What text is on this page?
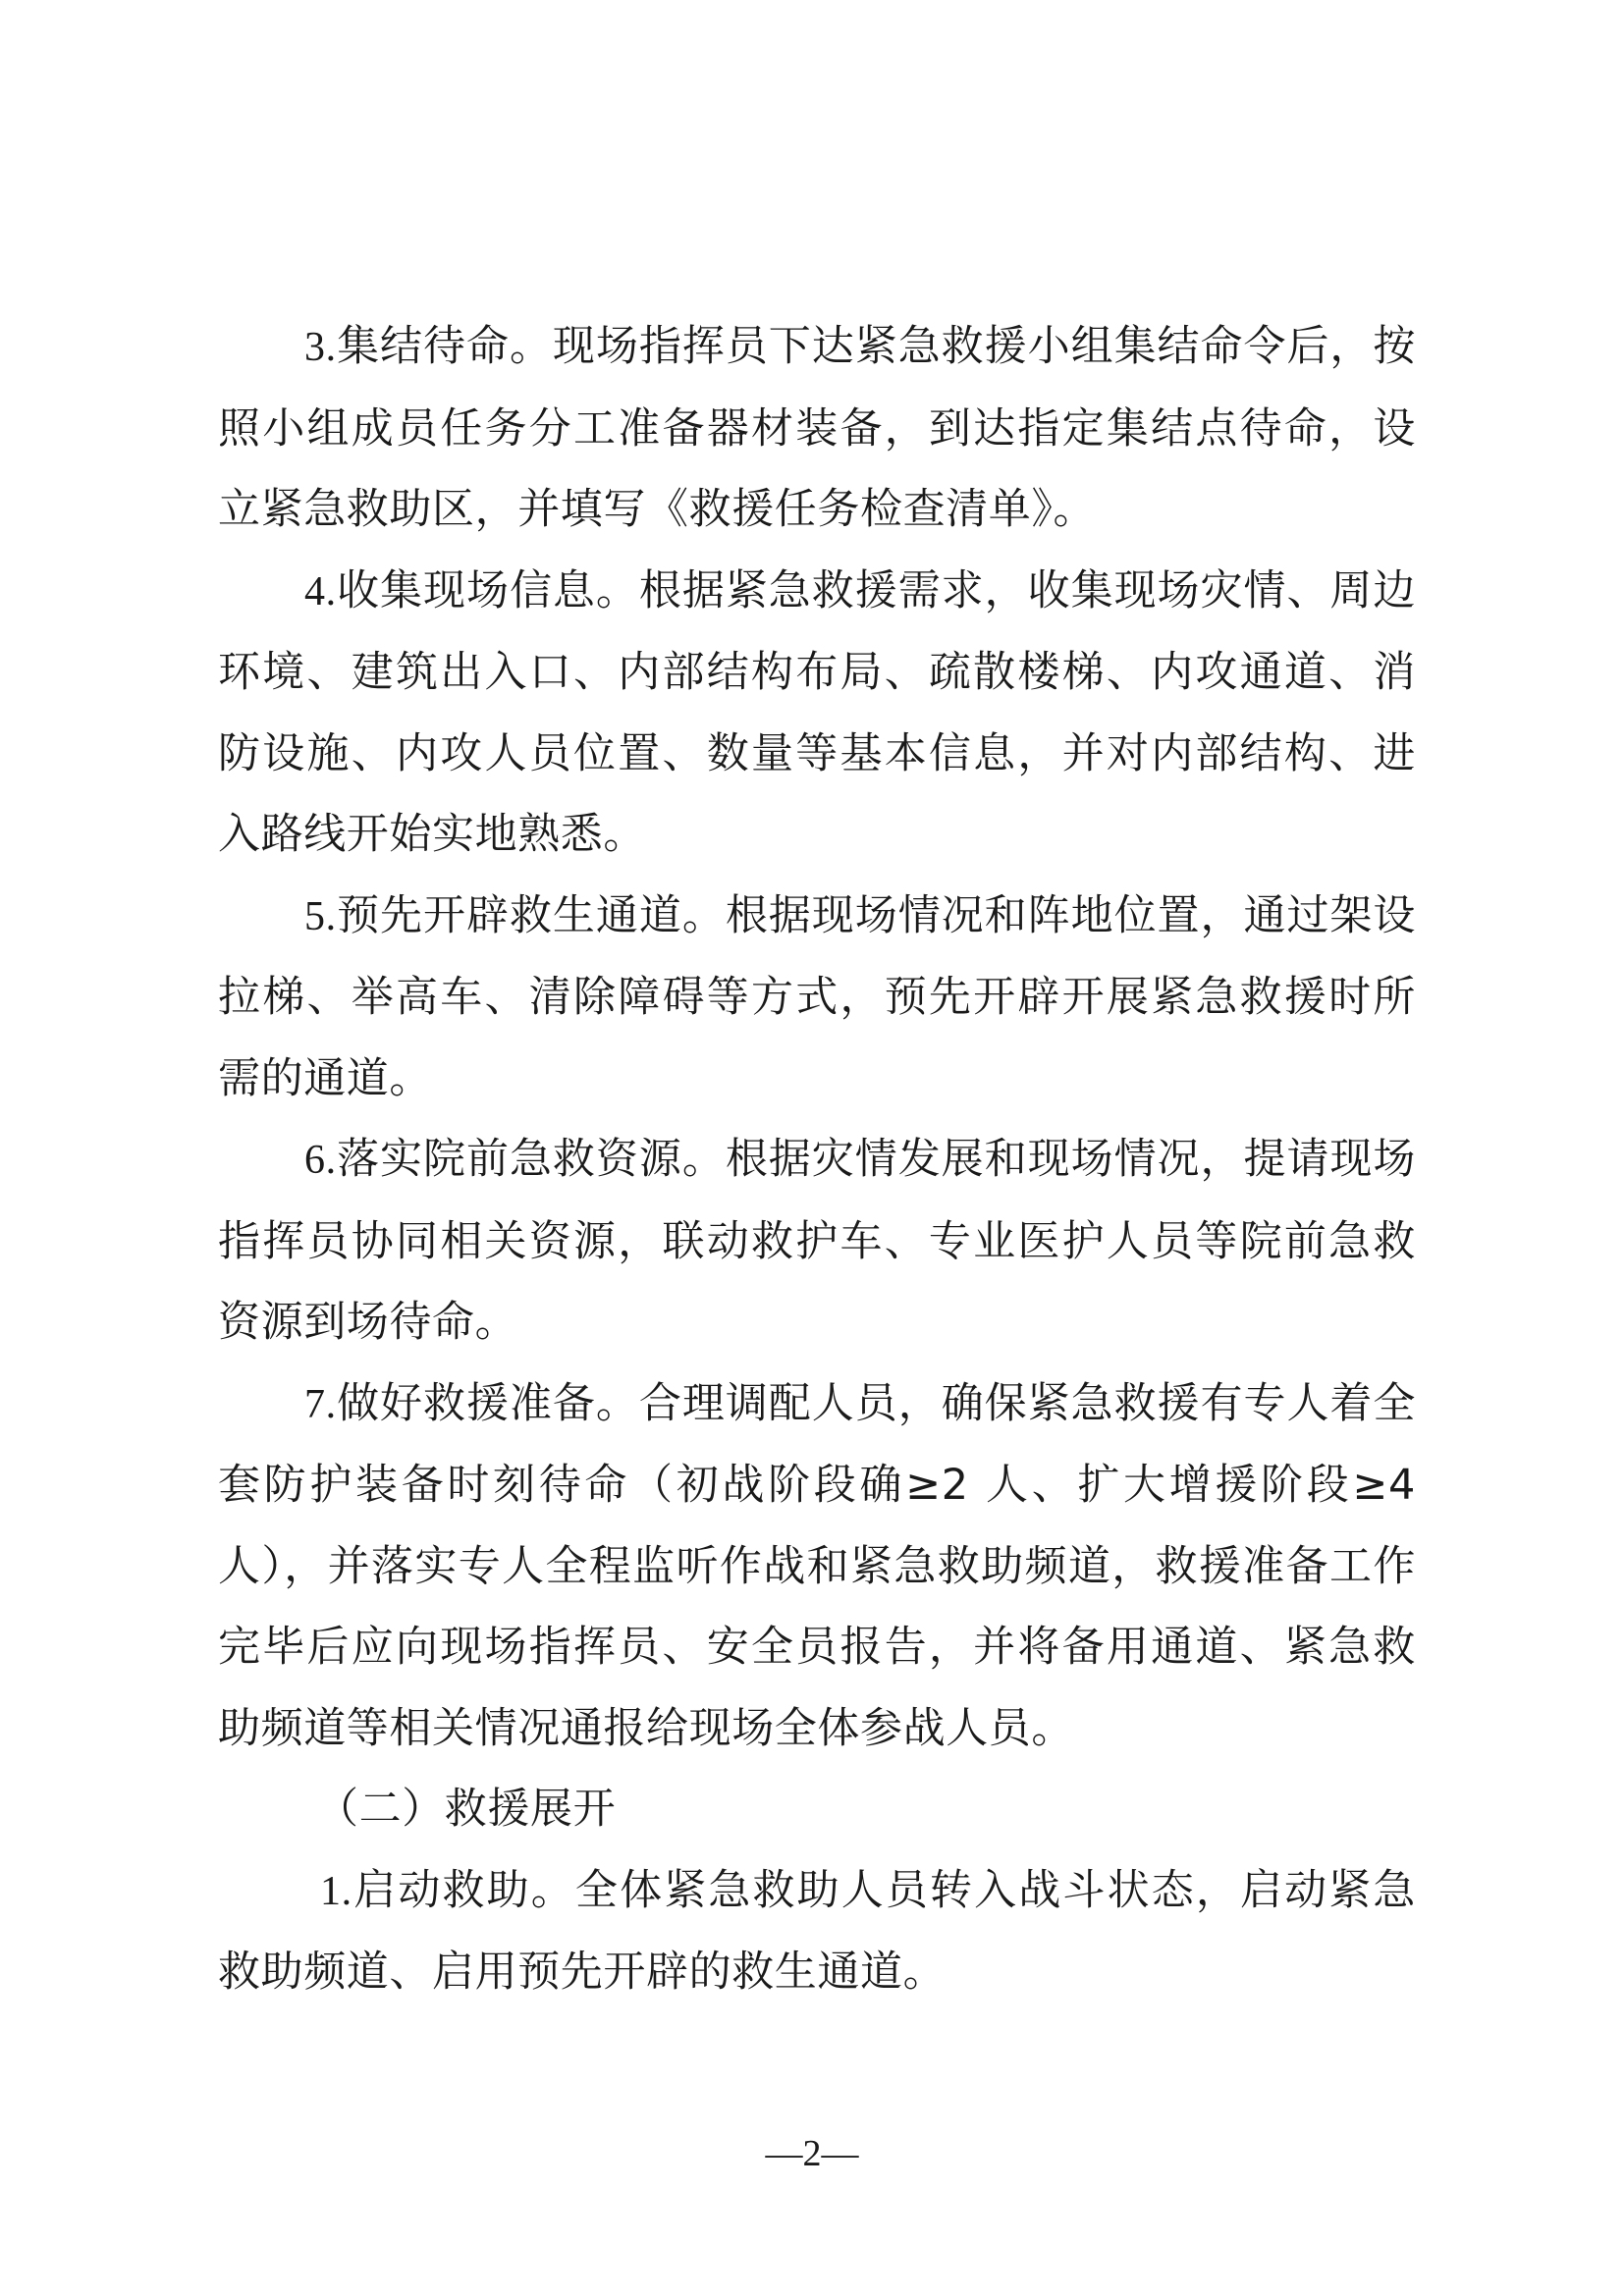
3.集结待命。现场指挥员下达紧急救援小组集结命令后，按照小组成员任务分工准备器材装备，到达指定集结点待命，设立紧急救助区，并填写《救援任务检查清单》。

4.收集现场信息。根据紧急救援需求，收集现场灾情、周边环境、建筑出入口、内部结构布局、疏散楼梯、内攻通道、消防设施、内攻人员位置、数量等基本信息，并对内部结构、进入路线开始实地熟悉。

5.预先开辟救生通道。根据现场情况和阵地位置，通过架设拉梯、举高车、清除障碍等方式，预先开辟开展紧急救援时所需的通道。

6.落实院前急救资源。根据灾情发展和现场情况，提请现场指挥员协同相关资源，联动救护车、专业医护人员等院前急救资源到场待命。

7.做好救援准备。合理调配人员，确保紧急救援有专人着全套防护装备时刻待命（初战阶段确≥2 人、扩大增援阶段≥4 人），并落实专人全程监听作战和紧急救助频道，救援准备工作完毕后应向现场指挥员、安全员报告，并将备用通道、紧急救助频道等相关情况通报给现场全体参战人员。

（二）救援展开

1.启动救助。全体紧急救助人员转入战斗状态，启动紧急救助频道、启用预先开辟的救生通道。

—2—
